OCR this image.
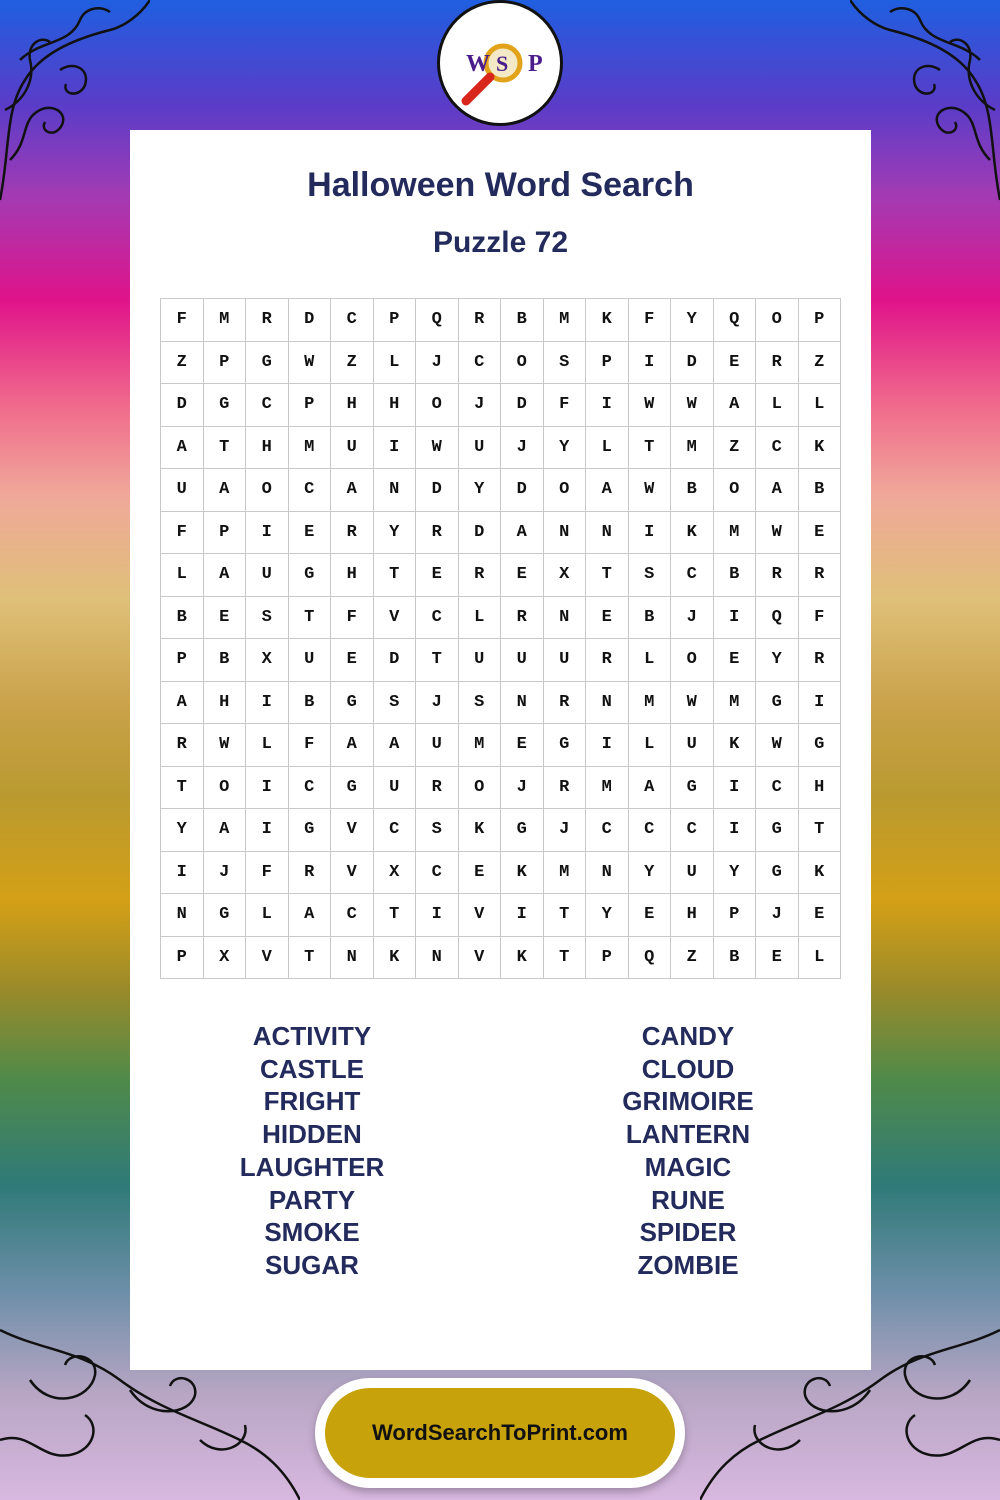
W S P
Halloween Word Search
Puzzle 72
F	M	R	D	C	P	Q	R	B	M	K	F	Y	Q	O	P
Z	P	G	W	Z	L	J	C	O	S	P	I	D	E	R	Z
D	G	C	P	H	H	O	J	D	F	I	W	W	A	L	L
A	T	H	M	U	I	W	U	J	Y	L	T	M	Z	C	K
U	A	O	C	A	N	D	Y	D	O	A	W	B	O	A	B
F	P	I	E	R	Y	R	D	A	N	N	I	K	M	W	E
L	A	U	G	H	T	E	R	E	X	T	S	C	B	R	R
B	E	S	T	F	V	C	L	R	N	E	B	J	I	Q	F
P	B	X	U	E	D	T	U	U	U	R	L	O	E	Y	R
A	H	I	B	G	S	J	S	N	R	N	M	W	M	G	I
R	W	L	F	A	A	U	M	E	G	I	L	U	K	W	G
T	O	I	C	G	U	R	O	J	R	M	A	G	I	C	H
Y	A	I	G	V	C	S	K	G	J	C	C	C	I	G	T
I	J	F	R	V	X	C	E	K	M	N	Y	U	Y	G	K
N	G	L	A	C	T	I	V	I	T	Y	E	H	P	J	E
P	X	V	T	N	K	N	V	K	T	P	Q	Z	B	E	L
ACTIVITY
CASTLE
FRIGHT
HIDDEN
LAUGHTER
PARTY
SMOKE
SUGAR
CANDY
CLOUD
GRIMOIRE
LANTERN
MAGIC
RUNE
SPIDER
ZOMBIE
WordSearchToPrint.com
